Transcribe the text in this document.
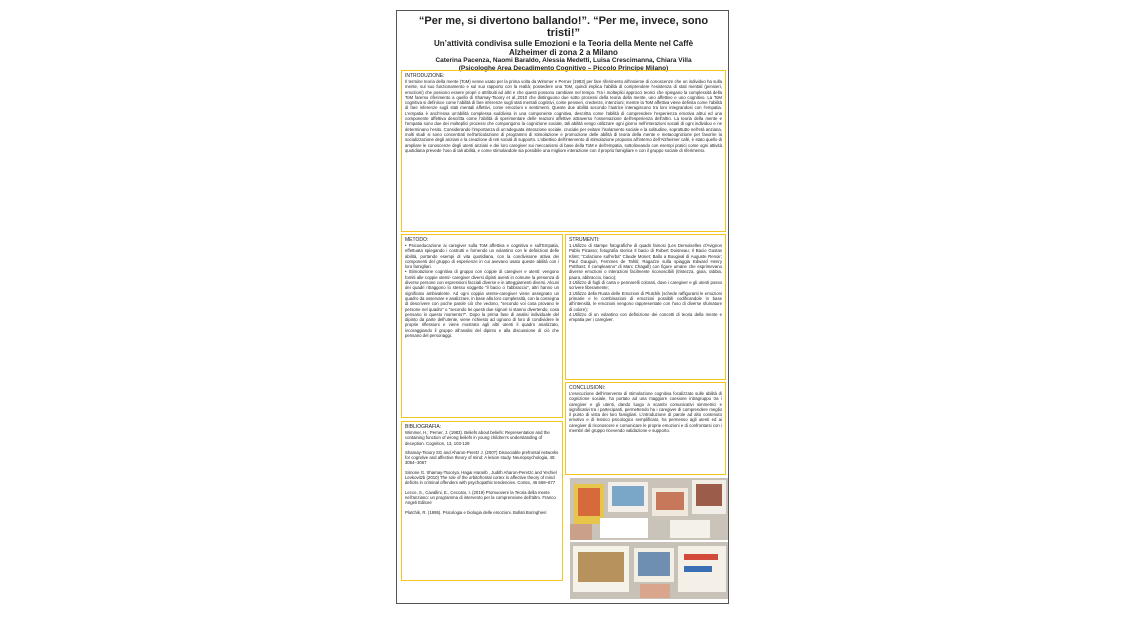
“Per me, si divertono ballando!”. “Per me, invece, sono tristi!”
Un’attività condivisa sulle Emozioni e la Teoria della Mente nel Caffè
Alzheimer di zona 2 a Milano
Caterina Pacenza, Naomi Baraldo, Alessia Medetti, Luisa Crescimanna, Chiara Villa
(Psicologhe Area Decadimento Cognitivo – Piccolo Principe Milano)
INTRODUZIONE:
Il termine teoria della mente (ToM) venne usato per la prima volta da Wimmer e Perner (1983) per fare riferimento all’insieme di conoscenze che un individuo ha sulla mente, sul suo funzionamento e sul suo rapporto con la realtà; possedere una ToM, quindi implica l’abilità di comprendere l’esistenza di stati mentali (pensieri, emozioni) che possono essere propri o attribuiti ad altri e che questi possono cambiare nel tempo. Tra i molteplici approcci teorici che spiegano la complessità della ToM faremo riferimento a quello di Shamay-Tsoory et al.,2010 che distinguono due sotto processi della teoria della mente, uno affettivo e uno cognitivo. La ToM cognitiva si definisce come l’abilità di fare inferenze sugli stati mentali cognitivi, come pensieri, credenze, intenzioni; mentre la ToM affettiva viene definita come l’abilità di fare inferenze sugli stati mentali affettivi, come emozioni e sentimenti. Queste due abilità secondo l’autrice interagiscono tra loro integrandosi con l’empatia. L’empatia è anch’essa un’abilità complessa suddivisa in una componente cognitiva, descritta come l’abilità di comprendere l’esperienza emotiva altrui ed una componente affettiva descritta come l’abilità di sperimentare delle reazioni affettive attraverso l’osservazione dell’esperienza dell’altro. La teoria della mente e l’empatia sono due dei molteplici processi che compongono la cognizione sociale, tali abilità vengo utilizzare ogni giorno nell’interazioni sociali di ogni individuo e ne determinano l’esito. Considerando l’importanza di un’adeguata interazione sociale, cruciale per evitare l’isolamento sociale e la solitudine, soprattutto nell’età anziana, molti studi si sono concentrati nell’articolazione di programmi di stimolazione e promozione delle abilità di teoria della mente e metacognizione per favorire la socializzazione degli anziani e la creazione di reti sociali di supporto. L’obiettivo dell’intervento di stimolazione proposto all’interno dell’Alzheimer café, è stato quello di ampliare le conoscenze degli utenti anziani e dei loro caregiver sui meccanismi di base della ToM e dell’empatia, sottolineando con esempi pratici come ogni attività quotidiana prevede l’uso di tali abilità, e come stimolandole sia possibile una migliore interazione con il proprio famigliare e con il gruppo sociale di riferimento.
METODO:
• Psicoeducazione ai caregiver sulla ToM affettiva e cognitiva e sull’Empatia, effettuata spiegando i costrutti e fornendo un volantino con le definizioni delle abilità, portando esempi di vita quotidiana, con la condivisione attiva dei componenti del gruppo di esperienze in cui avevano usato queste abilità con i loro famigliari.
• Stimolazione cognitiva di gruppo con coppie di caregiver e utenti: vengono forniti alle coppie utenti- caregiver diversi dipinti aventi in comune la presenza di diverse persone con espressioni facciali diverse e in atteggiamenti diversi. Alcuni dei quadri ritraggono lo stesso soggetto “il bacio o l’abbraccio”, altri hanno un significato ambivalente. Ad ogni coppia utente-caregiver viene assegnato un quadro da osservare e analizzare, in base alla loro complessità, con la consegna di descrivere con poche parole ciò che vedono, “secondo voi cosa provano le persone nel quadro” o “secondo lei questi due signori si stanno divertendo, cosa pensano in questo momento?”. Dopo la prima fase di analisi individuale del dipinto da parte dell’utente, viene richiesto ad ognuno di loro di condividere le proprie riflessioni e viene mostrato agli altri utenti il quadro analizzato, incoraggiando il gruppo all’analisi del dipinto e alla discussione di ciò che pensano del personaggi.
BIBLIOGRAFIA:

Wimmer, H.; Perner, J. (1983). Beliefs about beliefs: Representation and the containing function of wrong beliefs in young children’s understanding of deception. Cognition, 13, 103-128

Shamay-Tsoory SG and Aharon-Peretz J. (2007) Dissociable prefrontal networks for cognitive and affective theory of mind: A lesion study. Neuropsychologia, 45: 3054–3067

Simone G. Shamay-Tsoorya, Hagai Hararib , Judith Aharon-Peretzc and Yechiel Levkovitzb (2010) The role of the orbitofrontal cortex in affective theory of mind deficits in criminal offenders with psychopathic tendencies. Cortex, 46 668–677

Lecce, S., Cavallini, E., Ceccato, I. (2019) Promuovere la Teoria della mente nell’anziano: un programma di intervento per la comprensione dell’altro. Franco Angeli Editore

Plutchik, R. (1995). Psicologia e biologia delle emozioni. Bollati Boringhieri

STRUMENTI:
1.Utilizzo di stampe fotografiche di quadri famosi (Les Demoiselles d’Avignon Pablo Picasso; fotografia storica Il bacio di Robert Doisneau; Il Bacio Gustav Klimt; “Colazione sull’erba” Claude Monet; Ballo a Bougival di Auguste Renoir; Paul Gauguin, Femmes de Tahiti; Ragazze sulla spiaggia Edward Henry Potthast; Il compleanno” di Marc Chagall) con figure umane che esprimevano diverse emozioni o interazioni facilmente riconoscibili (tristezza, gioia, rabbia, paura, abbraccio, bacio);
2.Utilizzo di fogli di carta e pennarelli colorati, dove i caregiver e gli utenti posso scrivere liberamente;
3.Utilizzo della Ruota delle Emozioni di Plutchik (schede raffiguranti le emozioni primarie e le combinazioni di emozioni possibili codificandole in base all’intensità, le emozioni vengono rappresentate con l’uso di diverse sfumature di colore);
4.Utilizzo di un volantino con definizione dei concetti di teoria della mente e empatia per i caregiver.
CONCLUSIONI:
L’esecuzione dell’intervento di stimolazione cognitiva focalizzato sulle abilità di cognizione sociale, ha portato ad una maggiore coesione intragruppo tra i caregiver e gli utenti, dando luogo a scambi comunicativi simmetrici e significativi tra i partecipanti, permettendo ha i caregiver di comprendere meglio il punto di vista dei loro famigliari. L’introduzione di parole ad alto contenuto emotivo e di lessico psicologico semplificato, ha permesso agli utenti ed ai caregiver di riconoscere e comunicare le proprie emozioni e di confrontarsi con i membri del gruppo ricevendo validazione e supporto.
